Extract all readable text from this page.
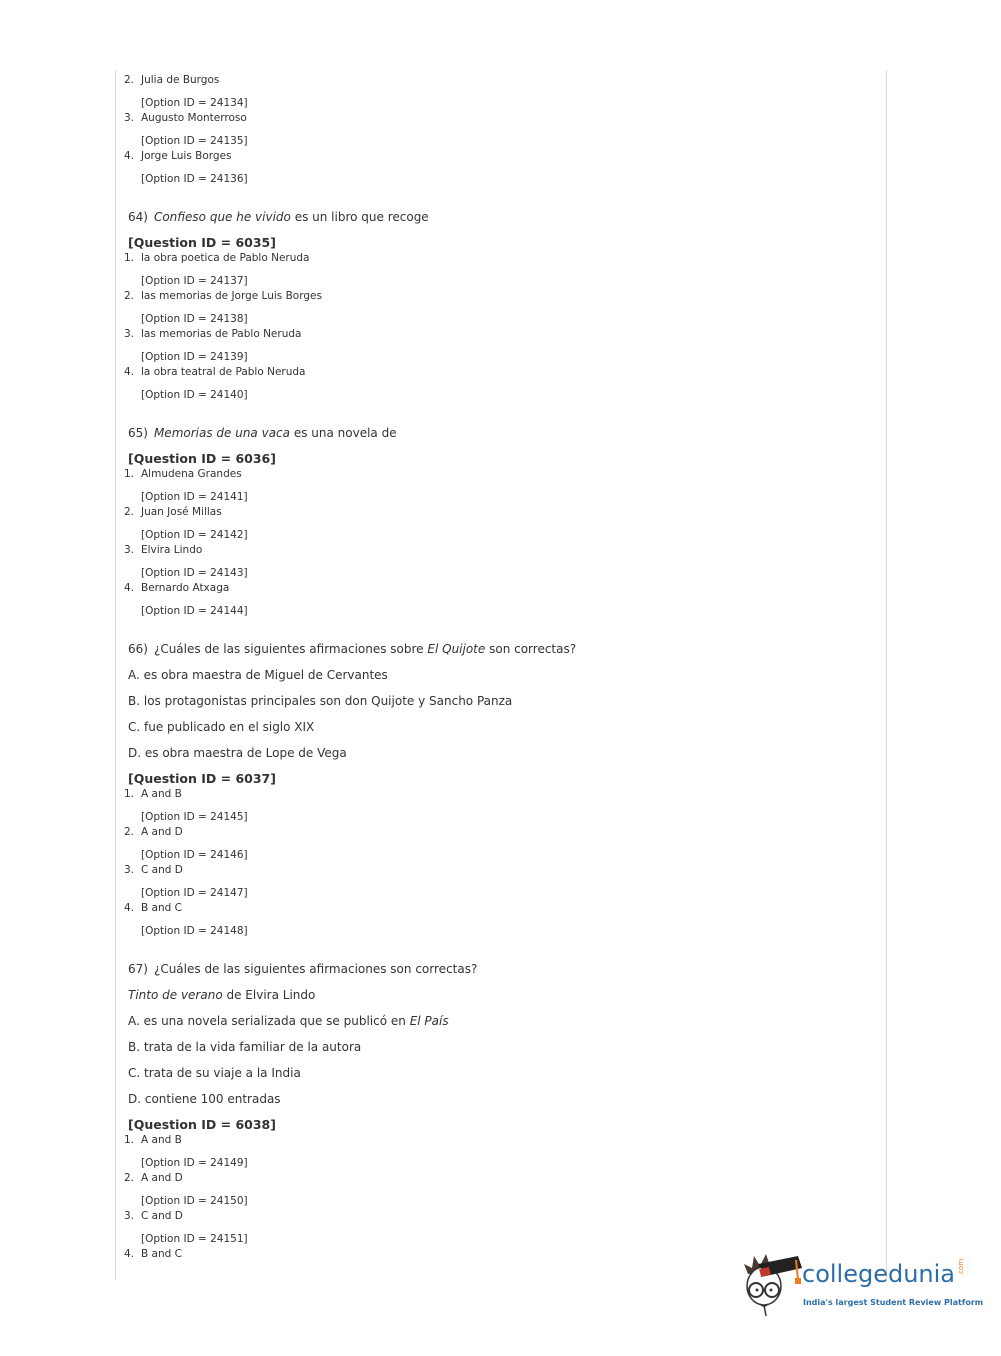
2. Julia de Burgos
[Option ID = 24134]
3. Augusto Monterroso
[Option ID = 24135]
4. Jorge Luis Borges
[Option ID = 24136]
64) Confieso que he vivido es un libro que recoge
[Question ID = 6035]
1. la obra poetica de Pablo Neruda
[Option ID = 24137]
2. las memorias de Jorge Luis Borges
[Option ID = 24138]
3. las memorias de Pablo Neruda
[Option ID = 24139]
4. la obra teatral de Pablo Neruda
[Option ID = 24140]
65) Memorias de una vaca es una novela de
[Question ID = 6036]
1. Almudena Grandes
[Option ID = 24141]
2. Juan José Millas
[Option ID = 24142]
3. Elvira Lindo
[Option ID = 24143]
4. Bernardo Atxaga
[Option ID = 24144]
66) ¿Cuáles de las siguientes afirmaciones sobre El Quijote son correctas?
A. es obra maestra de Miguel de Cervantes
B. los protagonistas principales son don Quijote y Sancho Panza
C. fue publicado en el siglo XIX
D. es obra maestra de Lope de Vega
[Question ID = 6037]
1. A and B
[Option ID = 24145]
2. A and D
[Option ID = 24146]
3. C and D
[Option ID = 24147]
4. B and C
[Option ID = 24148]
67) ¿Cuáles de las siguientes afirmaciones son correctas?
Tinto de verano de Elvira Lindo
A. es una novela serializada que se publicó en El País
B. trata de la vida familiar de la autora
C. trata de su viaje a la India
D. contiene 100 entradas
[Question ID = 6038]
1. A and B
[Option ID = 24149]
2. A and D
[Option ID = 24150]
3. C and D
[Option ID = 24151]
4. B and C
collegedunia .com
India's largest Student Review Platform
